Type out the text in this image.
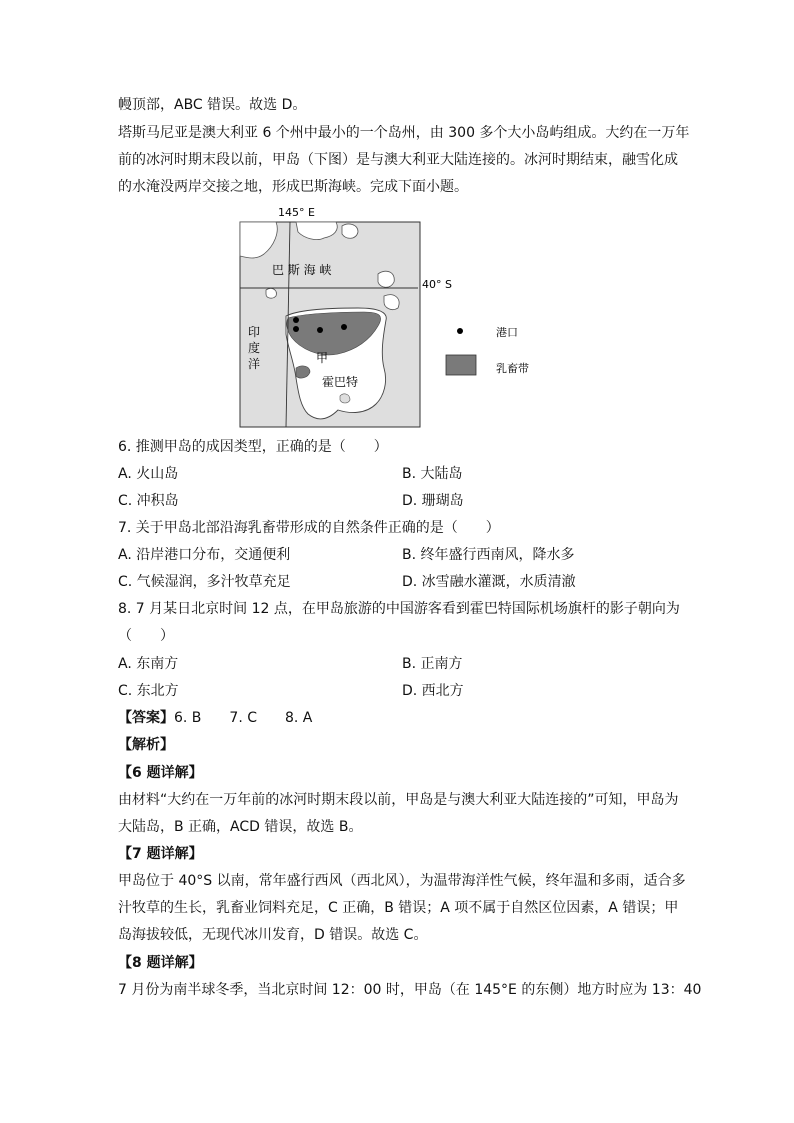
幔顶部，ABC 错误。故选 D。
塔斯马尼亚是澳大利亚 6 个州中最小的一个岛州，由 300 多个大小岛屿组成。大约在一万年
前的冰河时期末段以前，甲岛（下图）是与澳大利亚大陆连接的。冰河时期结束，融雪化成
的水淹没两岸交接之地，形成巴斯海峡。完成下面小题。
145° E
40° S
巴 斯 海 峡
印
度
洋	甲
霍巴特
港口
乳畜带
6. 推测甲岛的成因类型，正确的是（　　）
A. 火山岛	B. 大陆岛
C. 冲积岛	D. 珊瑚岛
7. 关于甲岛北部沿海乳畜带形成的自然条件正确的是（　　）
A. 沿岸港口分布，交通便利	B. 终年盛行西南风，降水多
C. 气候湿润，多汁牧草充足	D. 冰雪融水灌溉，水质清澈
8. 7 月某日北京时间 12 点，在甲岛旅游的中国游客看到霍巴特国际机场旗杆的影子朝向为
（　　）
A. 东南方	B. 正南方
C. 东北方	D. 西北方
【答案】6. B　　7. C　　8. A
【解析】
【6 题详解】
由材料“大约在一万年前的冰河时期末段以前，甲岛是与澳大利亚大陆连接的”可知，甲岛为
大陆岛，B 正确，ACD 错误，故选 B。
【7 题详解】
甲岛位于 40°S 以南，常年盛行西风（西北风），为温带海洋性气候，终年温和多雨，适合多
汁牧草的生长，乳畜业饲料充足，C 正确，B 错误；A 项不属于自然区位因素，A 错误；甲
岛海拔较低，无现代冰川发育，D 错误。故选 C。
【8 题详解】
7 月份为南半球冬季，当北京时间 12：00 时，甲岛（在 145°E 的东侧）地方时应为 13：40
